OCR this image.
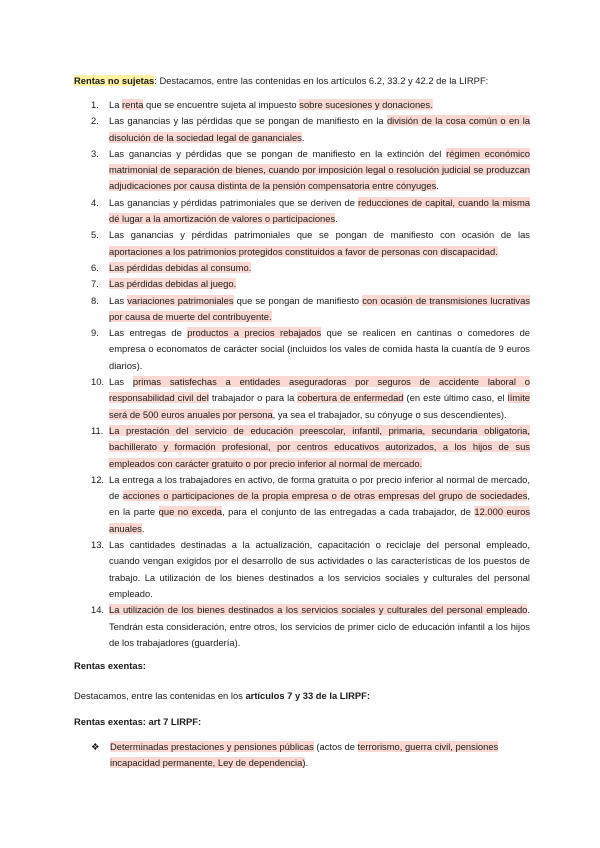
Rentas no sujetas: Destacamos, entre las contenidas en los artículos 6.2, 33.2 y 42.2 de la LIRPF:

1. La renta que se encuentre sujeta al impuesto sobre sucesiones y donaciones.
2. Las ganancias y las pérdidas que se pongan de manifiesto en la división de la cosa común o en la disolución de la sociedad legal de gananciales.
3. Las ganancias y pérdidas que se pongan de manifiesto en la extinción del régimen económico matrimonial de separación de bienes, cuando por imposición legal o resolución judicial se produzcan adjudicaciones por causa distinta de la pensión compensatoria entre cónyuges.
4. Las ganancias y pérdidas patrimoniales que se deriven de reducciones de capital, cuando la misma dé lugar a la amortización de valores o participaciones.
5. Las ganancias y pérdidas patrimoniales que se pongan de manifiesto con ocasión de las aportaciones a los patrimonios protegidos constituidos a favor de personas con discapacidad.
6. Las pérdidas debidas al consumo.
7. Las pérdidas debidas al juego.
8. Las variaciones patrimoniales que se pongan de manifiesto con ocasión de transmisiones lucrativas por causa de muerte del contribuyente.
9. Las entregas de productos a precios rebajados que se realicen en cantinas o comedores de empresa o economatos de carácter social (incluidos los vales de comida hasta la cuantía de 9 euros diarios).
10. Las primas satisfechas a entidades aseguradoras por seguros de accidente laboral o responsabilidad civil del trabajador o para la cobertura de enfermedad (en este último caso, el límite será de 500 euros anuales por persona, ya sea el trabajador, su cónyuge o sus descendientes).
11. La prestación del servicio de educación preescolar, infantil, primaria, secundaria obligatoria, bachillerato y formación profesional, por centros educativos autorizados, a los hijos de sus empleados con carácter gratuito o por precio inferior al normal de mercado.
12. La entrega a los trabajadores en activo, de forma gratuita o por precio inferior al normal de mercado, de acciones o participaciones de la propia empresa o de otras empresas del grupo de sociedades, en la parte que no exceda, para el conjunto de las entregadas a cada trabajador, de 12.000 euros anuales.
13. Las cantidades destinadas a la actualización, capacitación o reciclaje del personal empleado, cuando vengan exigidos por el desarrollo de sus actividades o las características de los puestos de trabajo. La utilización de los bienes destinados a los servicios sociales y culturales del personal empleado.
14. La utilización de los bienes destinados a los servicios sociales y culturales del personal empleado. Tendrán esta consideración, entre otros, los servicios de primer ciclo de educación infantil a los hijos de los trabajadores (guardería).

Rentas exentas:

Destacamos, entre las contenidas en los artículos 7 y 33 de la LIRPF:

Rentas exentas: art 7 LIRPF:

❖ Determinadas prestaciones y pensiones públicas (actos de terrorismo, guerra civil, pensiones incapacidad permanente, Ley de dependencia).
